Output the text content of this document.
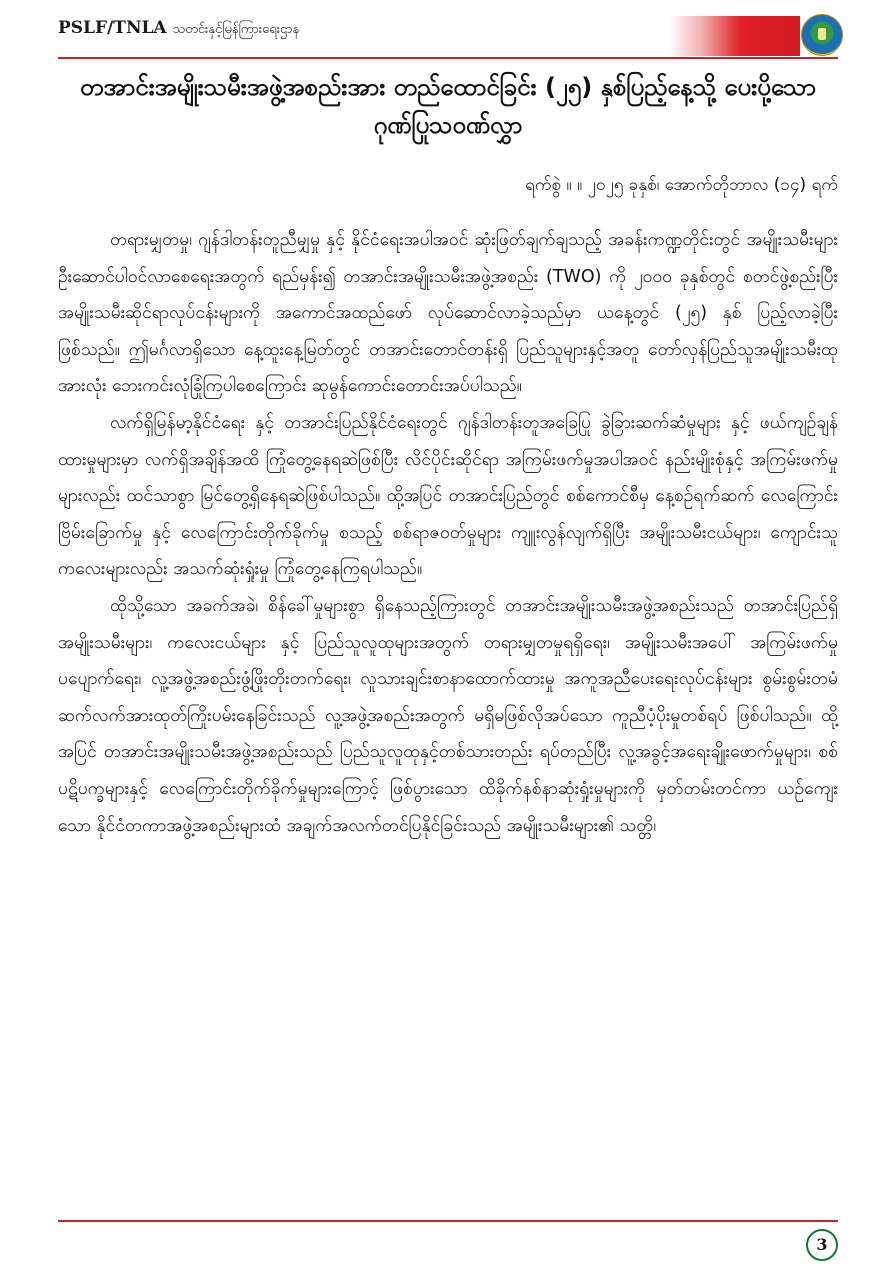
PSLF/TNLA သတင်းနှင့်မြန်ကြားရေးဌာန
တအာင်းအမျိုးသမီးအဖွဲ့အစည်းအား တည်ထောင်ခြင်း (၂၅) နှစ်ပြည့်နေ့သို့ ပေးပို့သော ဂုဏ်ပြုသဝဏ်လွှာ
ရက်စွဲ ။ ။ ၂၀၂၅ ခုနှစ်၊ အောက်တိုဘာလ (၁၄) ရက်

တရားမျှတမှု၊ ဂျန်ဒါတန်းတူညီမျှမှု နှင့် နိုင်ငံရေးအပါအဝင် ဆုံးဖြတ်ချက်ချသည့် အခန်းကဏ္ဍတိုင်းတွင် အမျိုးသမီးများ ဦးဆောင်ပါဝင်လာစေရေးအတွက် ရည်မှန်း၍ တအာင်းအမျိုးသမီးအဖွဲ့အစည်း (TWO) ကို ၂၀၀၀ ခုနှစ်တွင် စတင်ဖွဲ့စည်းပြီး အမျိုးသမီးဆိုင်ရာလုပ်ငန်းများကို အကောင်အထည်ဖော် လုပ်ဆောင်လာခဲ့သည်မှာ ယနေ့တွင် (၂၅) နှစ် ပြည့်လာခဲ့ပြီးဖြစ်သည်။ ဤမင်္ဂလာရှိသော နေ့ထူးနေ့မြတ်တွင် တအာင်းတောင်တန်းရှိ ပြည်သူများနှင့်အတူ တော်လှန်ပြည်သူအမျိုးသမီးထုအားလုံး ဘေးကင်းလုံခြုံကြပါစေကြောင်း ဆုမွန်ကောင်းတောင်းအပ်ပါသည်။

လက်ရှိမြန်မာ့နိုင်ငံရေး နှင့် တအာင်းပြည်နိုင်ငံရေးတွင် ဂျန်ဒါတန်းတူအခြေပြု ခွဲခြားဆက်ဆံမှုများ နှင့် ဖယ်ကျဉ်ချန်ထားမှုများမှာ လက်ရှိအချိန်အထိ ကြုံတွေ့နေရဆဲဖြစ်ပြီး လိင်ပိုင်းဆိုင်ရာ အကြမ်းဖက်မှုအပါအဝင် နည်းမျိုးစုံနှင့် အကြမ်းဖက်မှုများလည်း ထင်သာစွာ မြင်တွေ့ရှိနေရဆဲဖြစ်ပါသည်။ ထို့အပြင် တအာင်းပြည်တွင် စစ်ကောင်စီမှ နေ့စဉ်ရက်ဆက် လေကြောင်းဗြိမ်းခြောက်မှု နှင့် လေကြောင်းတိုက်ခိုက်မှု စသည့် စစ်ရာဇဝတ်မှုများ ကျူးလွန်လျက်ရှိပြီး အမျိုးသမီးငယ်များ၊ ကျောင်းသူကလေးများလည်း အသက်ဆုံးရှုံးမှု ကြုံတွေ့နေကြရပါသည်။

ထိုသို့သော အခက်အခဲ၊ စိန်ခေါ်မှုများစွာ ရှိနေသည့်ကြားတွင် တအာင်းအမျိုးသမီးအဖွဲ့အစည်းသည် တအာင်းပြည်ရှိ အမျိုးသမီးများ၊ ကလေးငယ်များ နှင့် ပြည်သူလူထုများအတွက် တရားမျှတမှုရရှိရေး၊ အမျိုးသမီးအပေါ် အကြမ်းဖက်မှုပပျောက်ရေး၊ လူ့အဖွဲ့အစည်းဖွံ့ဖြိုးတိုးတက်ရေး၊ လူသားချင်းစာနာထောက်ထားမှု အကူအညီပေးရေးလုပ်ငန်းများ စွမ်းစွမ်းတမံ ဆက်လက်အားထုတ်ကြိုးပမ်းနေခြင်းသည် လူ့အဖွဲ့အစည်းအတွက် မရှိမဖြစ်လိုအပ်သော ကူညီပံ့ပိုးမှုတစ်ရပ် ဖြစ်ပါသည်။ ထို့အပြင် တအာင်းအမျိုးသမီးအဖွဲ့အစည်းသည် ပြည်သူလူထုနှင့်တစ်သားတည်း ရပ်တည်ပြီး လူ့အခွင့်အရေးချိုးဖောက်မှုများ၊ စစ်ပဋိပက္ခများနှင့် လေကြောင်းတိုက်ခိုက်မှုများကြောင့် ဖြစ်ပွားသော ထိခိုက်နစ်နာဆုံးရှုံးမှုများကို မှတ်တမ်းတင်ကာ ယဉ်ကျေးသော နိုင်ငံတကာအဖွဲ့အစည်းများထံ အချက်အလက်တင်ပြနိုင်ခြင်းသည် အမျိုးသမီးများ၏ သတ္တိ၊

3
